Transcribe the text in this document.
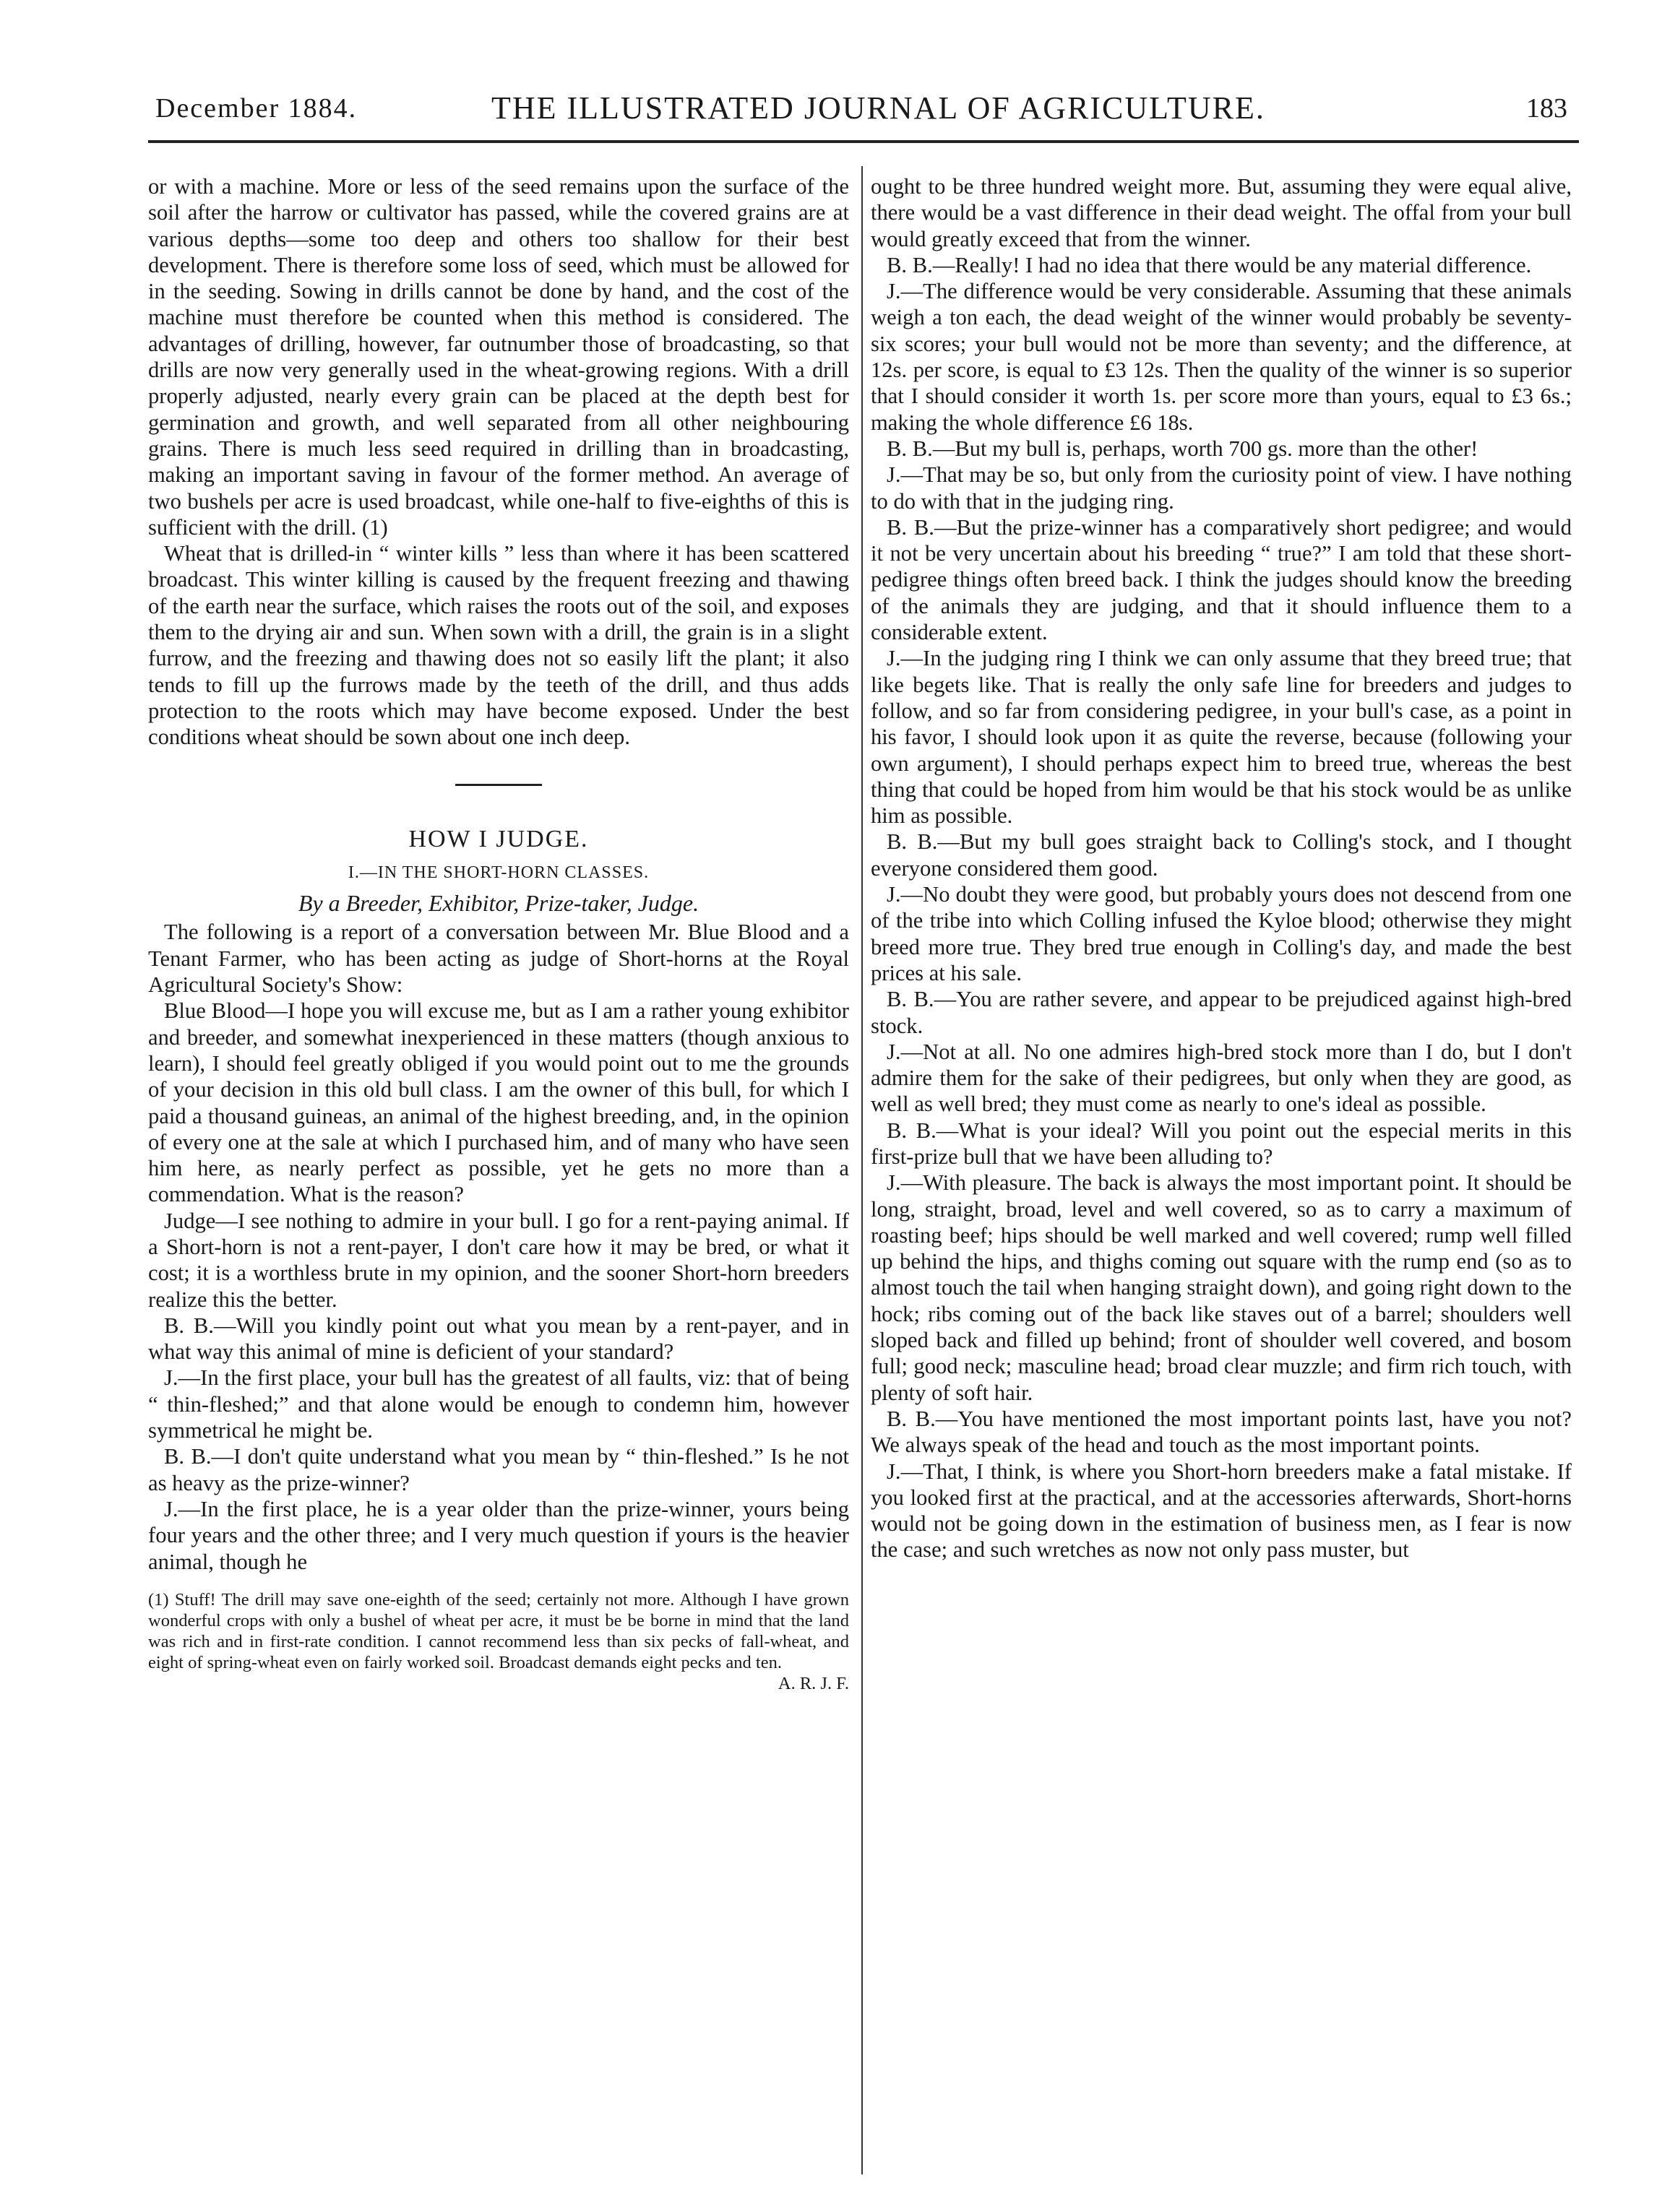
December 1884.	THE ILLUSTRATED JOURNAL OF AGRICULTURE.	183

or with a machine. More or less of the seed remains upon the surface of the soil after the harrow or cultivator has passed, while the covered grains are at various depths—some too deep and others too shallow for their best development. There is therefore some loss of seed, which must be allowed for in the seeding. Sowing in drills cannot be done by hand, and the cost of the machine must therefore be counted when this method is considered. The advantages of drilling, however, far outnumber those of broadcasting, so that drills are now very generally used in the wheat-growing regions. With a drill properly adjusted, nearly every grain can be placed at the depth best for germination and growth, and well separated from all other neighbouring grains. There is much less seed required in drilling than in broadcasting, making an important saving in favour of the former method. An average of two bushels per acre is used broadcast, while one-half to five-eighths of this is sufficient with the drill. (1)

Wheat that is drilled-in “ winter kills ” less than where it has been scattered broadcast. This winter killing is caused by the frequent freezing and thawing of the earth near the surface, which raises the roots out of the soil, and exposes them to the drying air and sun. When sown with a drill, the grain is in a slight furrow, and the freezing and thawing does not so easily lift the plant; it also tends to fill up the furrows made by the teeth of the drill, and thus adds protection to the roots which may have become exposed. Under the best conditions wheat should be sown about one inch deep.

HOW I JUDGE.

I.—IN THE SHORT-HORN CLASSES.

By a Breeder, Exhibitor, Prize-taker, Judge.

The following is a report of a conversation between Mr. Blue Blood and a Tenant Farmer, who has been acting as judge of Short-horns at the Royal Agricultural Society's Show:

Blue Blood—I hope you will excuse me, but as I am a rather young exhibitor and breeder, and somewhat inexperienced in these matters (though anxious to learn), I should feel greatly obliged if you would point out to me the grounds of your decision in this old bull class. I am the owner of this bull, for which I paid a thousand guineas, an animal of the highest breeding, and, in the opinion of every one at the sale at which I purchased him, and of many who have seen him here, as nearly perfect as possible, yet he gets no more than a commendation. What is the reason?

Judge—I see nothing to admire in your bull. I go for a rent-paying animal. If a Short-horn is not a rent-payer, I don't care how it may be bred, or what it cost; it is a worthless brute in my opinion, and the sooner Short-horn breeders realize this the better.

B. B.—Will you kindly point out what you mean by a rent-payer, and in what way this animal of mine is deficient of your standard?

J.—In the first place, your bull has the greatest of all faults, viz: that of being “ thin-fleshed;” and that alone would be enough to condemn him, however symmetrical he might be.

B. B.—I don't quite understand what you mean by “ thin-fleshed.” Is he not as heavy as the prize-winner?

J.—In the first place, he is a year older than the prize-winner, yours being four years and the other three; and I very much question if yours is the heavier animal, though he

(1) Stuff! The drill may save one-eighth of the seed; certainly not more. Although I have grown wonderful crops with only a bushel of wheat per acre, it must be be borne in mind that the land was rich and in first-rate condition. I cannot recommend less than six pecks of fall-wheat, and eight of spring-wheat even on fairly worked soil. Broadcast demands eight pecks and ten.
A. R. J. F.

ought to be three hundred weight more. But, assuming they were equal alive, there would be a vast difference in their dead weight. The offal from your bull would greatly exceed that from the winner.

B. B.—Really! I had no idea that there would be any material difference.

J.—The difference would be very considerable. Assuming that these animals weigh a ton each, the dead weight of the winner would probably be seventy-six scores; your bull would not be more than seventy; and the difference, at 12s. per score, is equal to £3 12s. Then the quality of the winner is so superior that I should consider it worth 1s. per score more than yours, equal to £3 6s.; making the whole difference £6 18s.

B. B.—But my bull is, perhaps, worth 700 gs. more than the other!

J.—That may be so, but only from the curiosity point of view. I have nothing to do with that in the judging ring.

B. B.—But the prize-winner has a comparatively short pedigree; and would it not be very uncertain about his breeding “ true?” I am told that these short-pedigree things often breed back. I think the judges should know the breeding of the animals they are judging, and that it should influence them to a considerable extent.

J.—In the judging ring I think we can only assume that they breed true; that like begets like. That is really the only safe line for breeders and judges to follow, and so far from considering pedigree, in your bull's case, as a point in his favor, I should look upon it as quite the reverse, because (following your own argument), I should perhaps expect him to breed true, whereas the best thing that could be hoped from him would be that his stock would be as unlike him as possible.

B. B.—But my bull goes straight back to Colling's stock, and I thought everyone considered them good.

J.—No doubt they were good, but probably yours does not descend from one of the tribe into which Colling infused the Kyloe blood; otherwise they might breed more true. They bred true enough in Colling's day, and made the best prices at his sale.

B. B.—You are rather severe, and appear to be prejudiced against high-bred stock.

J.—Not at all. No one admires high-bred stock more than I do, but I don't admire them for the sake of their pedigrees, but only when they are good, as well as well bred; they must come as nearly to one's ideal as possible.

B. B.—What is your ideal? Will you point out the especial merits in this first-prize bull that we have been alluding to?

J.—With pleasure. The back is always the most important point. It should be long, straight, broad, level and well covered, so as to carry a maximum of roasting beef; hips should be well marked and well covered; rump well filled up behind the hips, and thighs coming out square with the rump end (so as to almost touch the tail when hanging straight down), and going right down to the hock; ribs coming out of the back like staves out of a barrel; shoulders well sloped back and filled up behind; front of shoulder well covered, and bosom full; good neck; masculine head; broad clear muzzle; and firm rich touch, with plenty of soft hair.

B. B.—You have mentioned the most important points last, have you not? We always speak of the head and touch as the most important points.

J.—That, I think, is where you Short-horn breeders make a fatal mistake. If you looked first at the practical, and at the accessories afterwards, Short-horns would not be going down in the estimation of business men, as I fear is now the case; and such wretches as now not only pass muster, but
